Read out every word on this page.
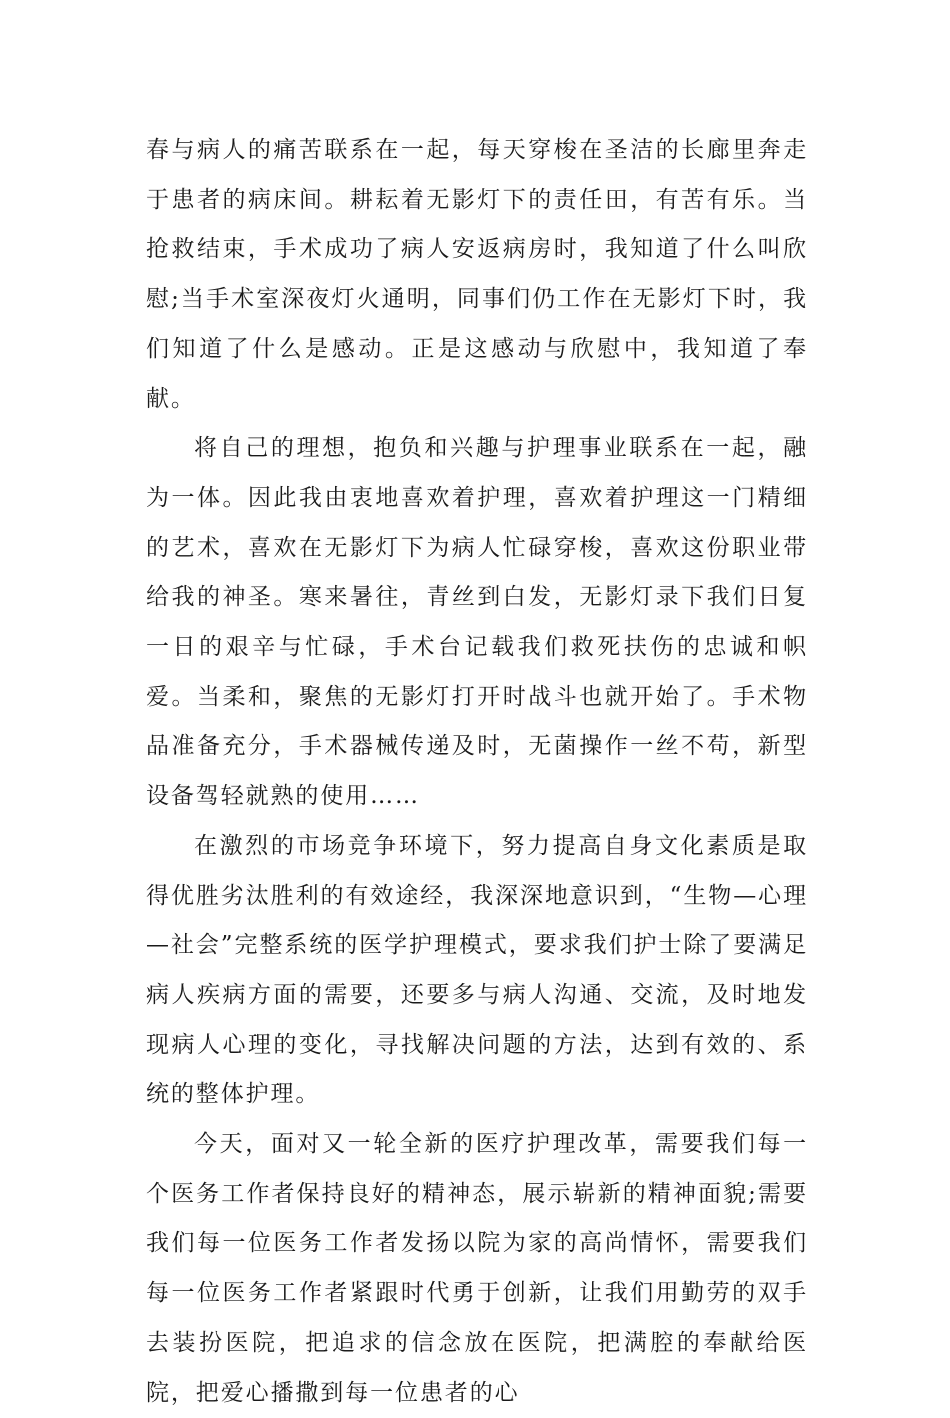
春与病人的痛苦联系在一起，每天穿梭在圣洁的长廊里奔走于患者的病床间。耕耘着无影灯下的责任田，有苦有乐。当抢救结束，手术成功了病人安返病房时，我知道了什么叫欣慰;当手术室深夜灯火通明，同事们仍工作在无影灯下时，我们知道了什么是感动。正是这感动与欣慰中，我知道了奉献。

将自己的理想，抱负和兴趣与护理事业联系在一起，融为一体。因此我由衷地喜欢着护理，喜欢着护理这一门精细的艺术，喜欢在无影灯下为病人忙碌穿梭，喜欢这份职业带给我的神圣。寒来暑往，青丝到白发，无影灯录下我们日复一日的艰辛与忙碌，手术台记载我们救死扶伤的忠诚和帜爱。当柔和，聚焦的无影灯打开时战斗也就开始了。手术物品准备充分，手术器械传递及时，无菌操作一丝不苟，新型设备驾轻就熟的使用……

在激烈的市场竞争环境下，努力提高自身文化素质是取得优胜劣汰胜利的有效途经，我深深地意识到，“生物—心理—社会”完整系统的医学护理模式，要求我们护士除了要满足病人疾病方面的需要，还要多与病人沟通、交流，及时地发现病人心理的变化，寻找解决问题的方法，达到有效的、系统的整体护理。

今天，面对又一轮全新的医疗护理改革，需要我们每一个医务工作者保持良好的精神态，展示崭新的精神面貌;需要我们每一位医务工作者发扬以院为家的高尚情怀，需要我们每一位医务工作者紧跟时代勇于创新，让我们用勤劳的双手去装扮医院，把追求的信念放在医院，把满腔的奉献给医院，把爱心播撒到每一位患者的心
